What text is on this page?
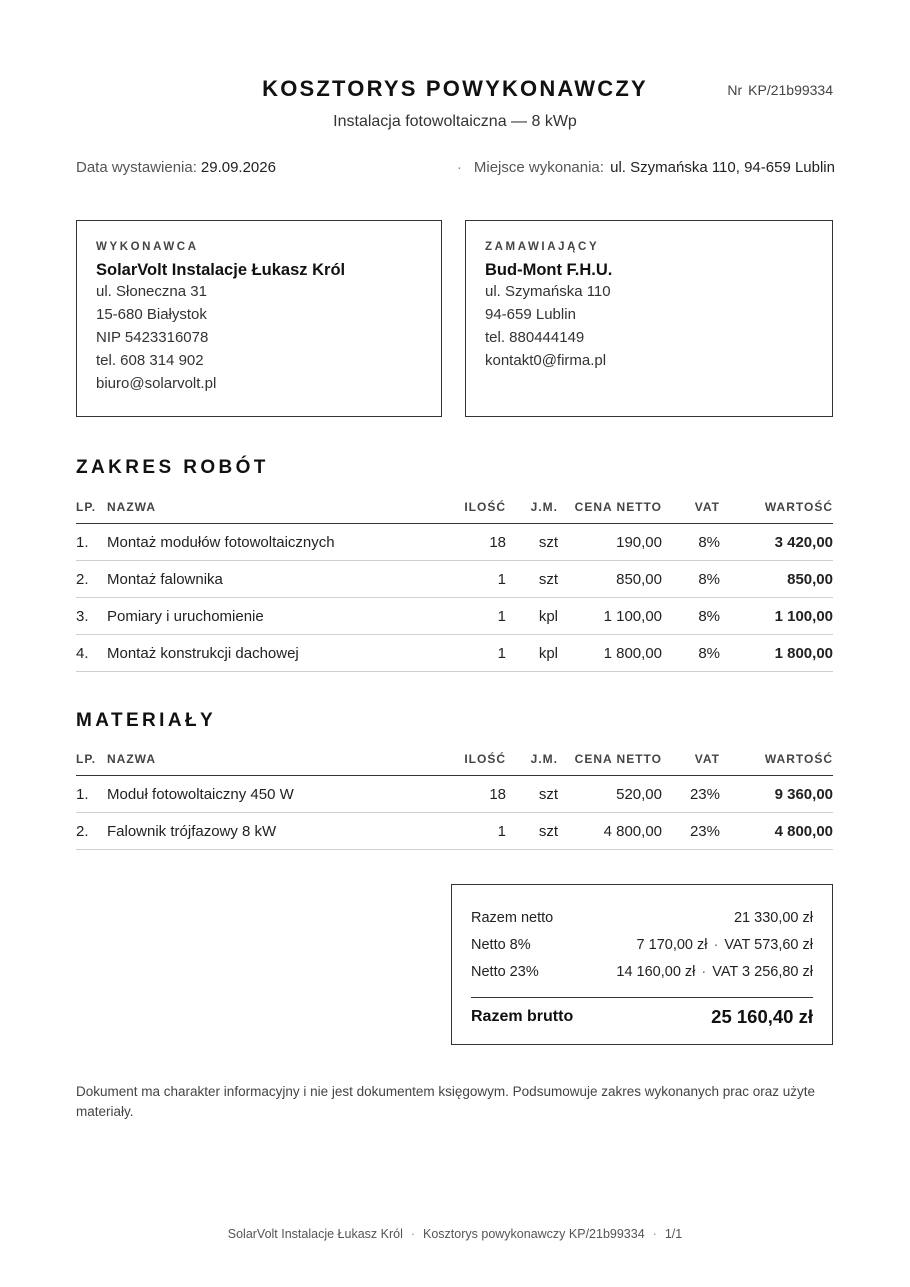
KOSZTORYS POWYKONAWCZY	Nr KP/21b99334
Instalacja fotowoltaiczna — 8 kWp
Data wystawienia: 29.09.2026	· Miejsce wykonania: ul. Szymańska 110, 94-659 Lublin
WYKONAWCA
SolarVolt Instalacje Łukasz Król
ul. Słoneczna 31
15-680 Białystok
NIP 5423316078
tel. 608 314 902
biuro@solarvolt.pl
ZAMAWIAJĄCY
Bud-Mont F.H.U.
ul. Szymańska 110
94-659 Lublin
tel. 880444149
kontakt0@firma.pl
ZAKRES ROBÓT
LP.	NAZWA	ILOŚĆ	J.M.	CENA NETTO	VAT	WARTOŚĆ
1.	Montaż modułów fotowoltaicznych	18	szt	190,00	8%	3 420,00
2.	Montaż falownika	1	szt	850,00	8%	850,00
3.	Pomiary i uruchomienie	1	kpl	1 100,00	8%	1 100,00
4.	Montaż konstrukcji dachowej	1	kpl	1 800,00	8%	1 800,00
MATERIAŁY
LP.	NAZWA	ILOŚĆ	J.M.	CENA NETTO	VAT	WARTOŚĆ
1.	Moduł fotowoltaiczny 450 W	18	szt	520,00	23%	9 360,00
2.	Falownik trójfazowy 8 kW	1	szt	4 800,00	23%	4 800,00
Razem netto	21 330,00 zł
Netto 8%	7 170,00 zł · VAT 573,60 zł
Netto 23%	14 160,00 zł · VAT 3 256,80 zł
Razem brutto	25 160,40 zł
Dokument ma charakter informacyjny i nie jest dokumentem księgowym. Podsumowuje zakres wykonanych prac oraz użyte materiały.
SolarVolt Instalacje Łukasz Król · Kosztorys powykonawczy KP/21b99334 · 1/1
